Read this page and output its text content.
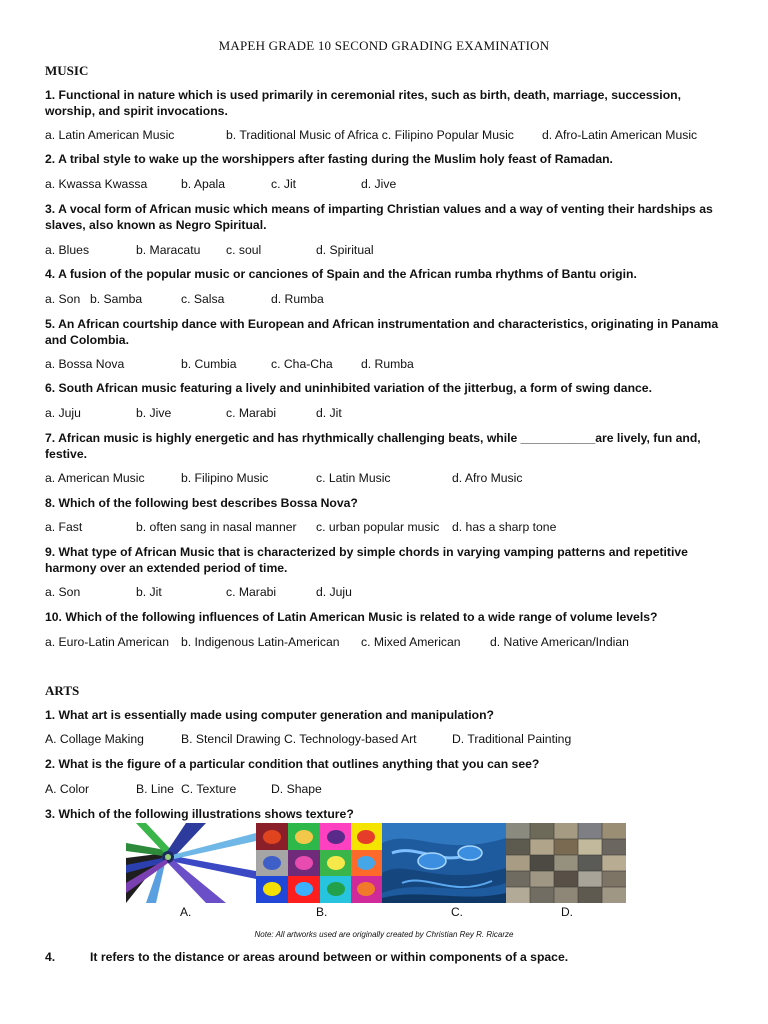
MAPEH GRADE 10 SECOND GRADING EXAMINATION
MUSIC
1. Functional in nature which is used primarily in ceremonial rites, such as birth, death, marriage, succession, worship, and spirit invocations.
a. Latin American Music	b. Traditional Music of Africa c. Filipino Popular Music d. Afro-Latin American Music
2. A tribal style to wake up the worshippers after fasting during the Muslim holy feast of Ramadan.
a. Kwassa Kwassa	b. Apala	c. Jit	d. Jive
3. A vocal form of African music which means of imparting Christian values and a way of venting their hardships as slaves, also known as Negro Spiritual.
a. Blues	b. Maracatu c. soul	d. Spiritual
4. A fusion of the popular music or canciones of Spain and the African rumba rhythms of Bantu origin.
a. Son b. Samba	c. Salsa	d. Rumba
5. An African courtship dance with European and African instrumentation and characteristics, originating in Panama and Colombia.
a. Bossa Nova	b. Cumbia	c. Cha-Cha d. Rumba
6. South African music featuring a lively and uninhibited variation of the jitterbug, a form of swing dance.
a. Juju	b. Jive	c. Marabi	d. Jit
7. African music is highly energetic and has rhythmically challenging beats, while ___________are lively, fun and, festive.
a. American Music	b. Filipino Music	c. Latin Music	d. Afro Music
8. Which of the following best describes Bossa Nova?
a. Fast	b. often sang in nasal manner c. urban popular music d. has a sharp tone
9. What type of African Music that is characterized by simple chords in varying vamping patterns and repetitive harmony over an extended period of time.
a. Son	b. Jit	c. Marabi	d. Juju
10. Which of the following influences of Latin American Music is related to a wide range of volume levels?
a. Euro-Latin American b. Indigenous Latin-American c. Mixed American d. Native American/Indian
ARTS
1. What art is essentially made using computer generation and manipulation?
A. Collage Making	B. Stencil Drawing C. Technology-based Art	D. Traditional Painting
2. What is the figure of a particular condition that outlines anything that you can see?
A. Color	B. Line C. Texture	D. Shape
3. Which of the following illustrations shows texture?
A.	B.	C.	D.
Note: All artworks used are originally created by Christian Rey R. Ricarze
4.	It refers to the distance or areas around between or within components of a space.
